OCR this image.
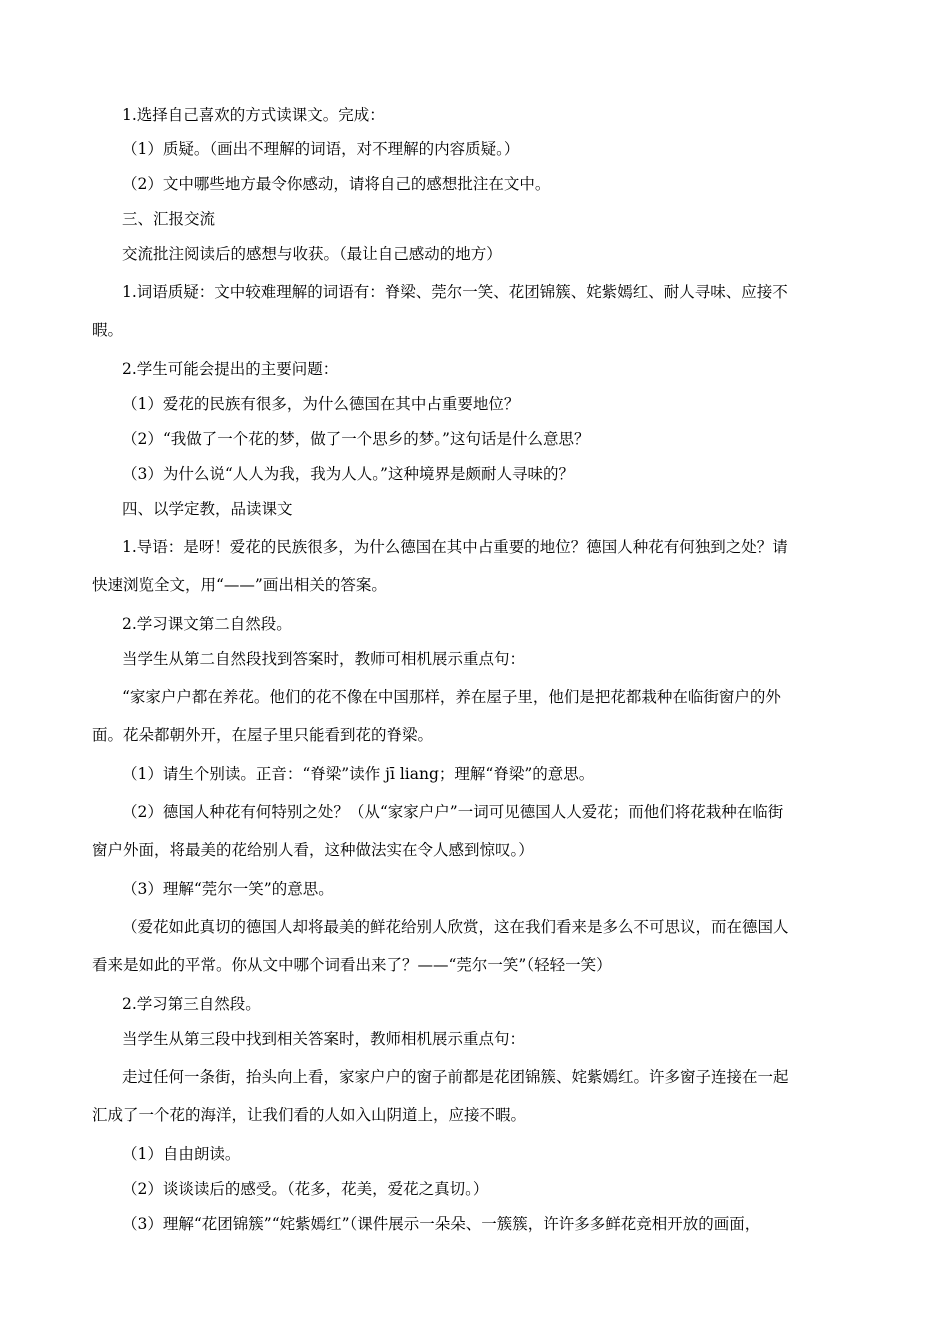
1.选择自己喜欢的方式读课文。完成：
（1）质疑。（画出不理解的词语，对不理解的内容质疑。）
（2）文中哪些地方最令你感动，请将自己的感想批注在文中。
三、汇报交流
交流批注阅读后的感想与收获。（最让自己感动的地方）
1.词语质疑：文中较难理解的词语有：脊梁、莞尔一笑、花团锦簇、姹紫嫣红、耐人寻味、应接不
暇。
2.学生可能会提出的主要问题：
（1）爱花的民族有很多，为什么德国在其中占重要地位？
（2）“我做了一个花的梦，做了一个思乡的梦。”这句话是什么意思？
（3）为什么说“人人为我，我为人人。”这种境界是颇耐人寻味的？
四、以学定教，品读课文
1.导语：是呀！爱花的民族很多，为什么德国在其中占重要的地位？德国人种花有何独到之处？请
快速浏览全文，用“——”画出相关的答案。
2.学习课文第二自然段。
当学生从第二自然段找到答案时，教师可相机展示重点句：
“家家户户都在养花。他们的花不像在中国那样，养在屋子里，他们是把花都栽种在临街窗户的外
面。花朵都朝外开，在屋子里只能看到花的脊梁。
（1）请生个别读。正音：“脊梁”读作 jī liang；理解“脊梁”的意思。
（2）德国人种花有何特别之处？（从“家家户户”一词可见德国人人爱花；而他们将花栽种在临街
窗户外面，将最美的花给别人看，这种做法实在令人感到惊叹。）
（3）理解“莞尔一笑”的意思。
（爱花如此真切的德国人却将最美的鲜花给别人欣赏，这在我们看来是多么不可思议，而在德国人
看来是如此的平常。你从文中哪个词看出来了？——“莞尔一笑”（轻轻一笑）
2.学习第三自然段。
当学生从第三段中找到相关答案时，教师相机展示重点句：
走过任何一条街，抬头向上看，家家户户的窗子前都是花团锦簇、姹紫嫣红。许多窗子连接在一起
汇成了一个花的海洋，让我们看的人如入山阴道上，应接不暇。
（1）自由朗读。
（2）谈谈读后的感受。（花多，花美，爱花之真切。）
（3）理解“花团锦簇”“姹紫嫣红”（课件展示一朵朵、一簇簇，许许多多鲜花竞相开放的画面，
